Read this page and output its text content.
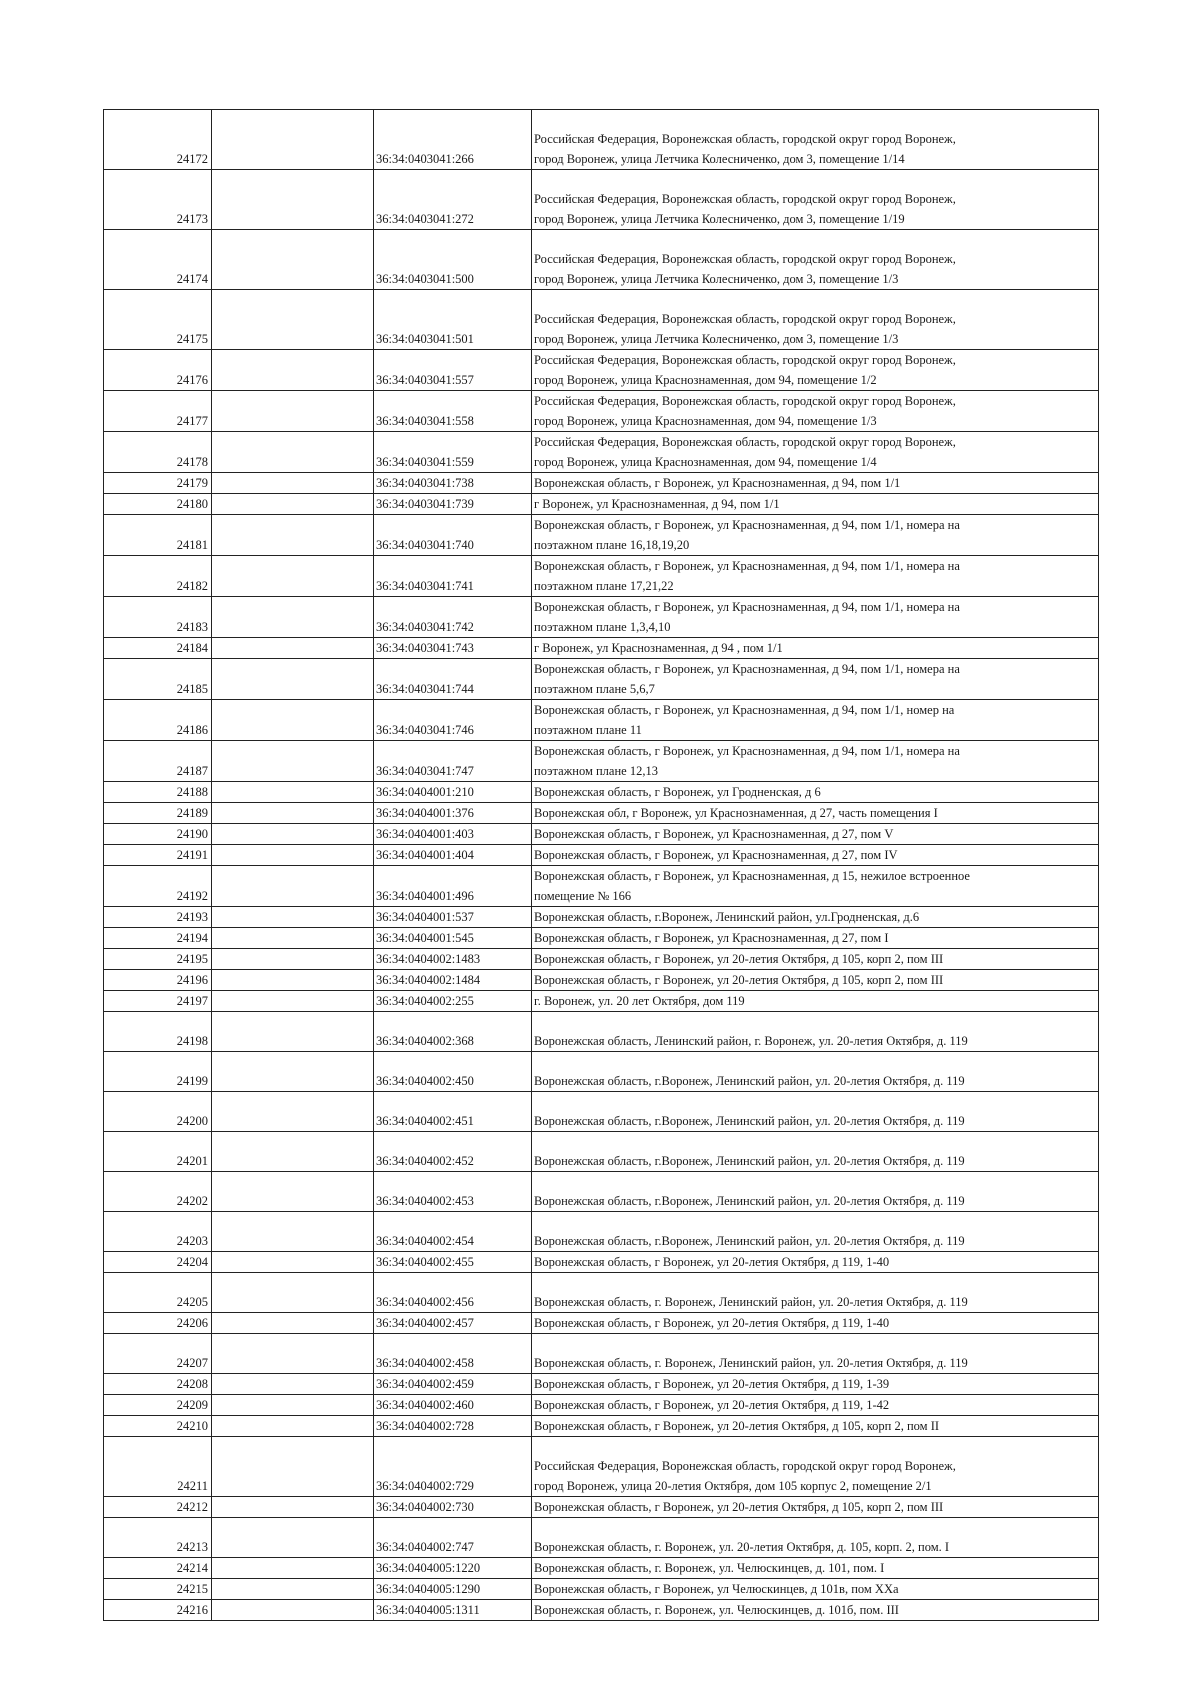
24172		36:34:0403041:266	Российская Федерация, Воронежская область, городской округ город Воронеж,
город Воронеж, улица Летчика Колесниченко, дом 3, помещение 1/14
24173		36:34:0403041:272	Российская Федерация, Воронежская область, городской округ город Воронеж,
город Воронеж, улица Летчика Колесниченко, дом 3, помещение 1/19
24174		36:34:0403041:500	Российская Федерация, Воронежская область, городской округ город Воронеж,
город Воронеж, улица Летчика Колесниченко, дом 3, помещение 1/3
24175		36:34:0403041:501	Российская Федерация, Воронежская область, городской округ город Воронеж,
город Воронеж, улица Летчика Колесниченко, дом 3, помещение 1/3
24176		36:34:0403041:557	Российская Федерация, Воронежская область, городской округ город Воронеж,
город Воронеж, улица Краснознаменная, дом 94, помещение 1/2
24177		36:34:0403041:558	Российская Федерация, Воронежская область, городской округ город Воронеж,
город Воронеж, улица Краснознаменная, дом 94, помещение 1/3
24178		36:34:0403041:559	Российская Федерация, Воронежская область, городской округ город Воронеж,
город Воронеж, улица Краснознаменная, дом 94, помещение 1/4
24179		36:34:0403041:738	Воронежская область, г Воронеж, ул Краснознаменная, д 94, пом 1/1
24180		36:34:0403041:739	г Воронеж, ул Краснознаменная, д 94, пом 1/1
24181		36:34:0403041:740	Воронежская область, г Воронеж, ул Краснознаменная, д 94, пом 1/1, номера на
поэтажном плане 16,18,19,20
24182		36:34:0403041:741	Воронежская область, г Воронеж, ул Краснознаменная, д 94, пом 1/1, номера на
поэтажном плане 17,21,22
24183		36:34:0403041:742	Воронежская область, г Воронеж, ул Краснознаменная, д 94, пом 1/1, номера на
поэтажном плане 1,3,4,10
24184		36:34:0403041:743	г Воронеж, ул Краснознаменная, д 94 , пом 1/1
24185		36:34:0403041:744	Воронежская область, г Воронеж, ул Краснознаменная, д 94, пом 1/1, номера на
поэтажном плане 5,6,7
24186		36:34:0403041:746	Воронежская область, г Воронеж, ул Краснознаменная, д 94, пом 1/1, номер на
поэтажном плане 11
24187		36:34:0403041:747	Воронежская область, г Воронеж, ул Краснознаменная, д 94, пом 1/1, номера на
поэтажном плане 12,13
24188		36:34:0404001:210	Воронежская область, г Воронеж, ул Гродненская, д 6
24189		36:34:0404001:376	Воронежская обл, г Воронеж, ул Краснознаменная, д 27, часть помещения I
24190		36:34:0404001:403	Воронежская область, г Воронеж, ул Краснознаменная, д 27, пом V
24191		36:34:0404001:404	Воронежская область, г Воронеж, ул Краснознаменная, д 27, пом IV
24192		36:34:0404001:496	Воронежская область, г Воронеж, ул Краснознаменная, д 15, нежилое встроенное
помещение № 166
24193		36:34:0404001:537	Воронежская область, г.Воронеж, Ленинский район, ул.Гродненская, д.6
24194		36:34:0404001:545	Воронежская область, г Воронеж, ул Краснознаменная, д 27, пом I
24195		36:34:0404002:1483	Воронежская область, г Воронеж, ул 20-летия Октября, д 105, корп 2, пом III
24196		36:34:0404002:1484	Воронежская область, г Воронеж, ул 20-летия Октября, д 105, корп 2, пом III
24197		36:34:0404002:255	г. Воронеж, ул. 20 лет Октября, дом 119
24198		36:34:0404002:368	Воронежская область, Ленинский район, г. Воронеж, ул. 20-летия Октября, д. 119
24199		36:34:0404002:450	Воронежская область, г.Воронеж, Ленинский район, ул. 20-летия Октября, д. 119
24200		36:34:0404002:451	Воронежская область, г.Воронеж, Ленинский район, ул. 20-летия Октября, д. 119
24201		36:34:0404002:452	Воронежская область, г.Воронеж, Ленинский район, ул. 20-летия Октября, д. 119
24202		36:34:0404002:453	Воронежская область, г.Воронеж, Ленинский район, ул. 20-летия Октября, д. 119
24203		36:34:0404002:454	Воронежская область, г.Воронеж, Ленинский район, ул. 20-летия Октября, д. 119
24204		36:34:0404002:455	Воронежская область, г Воронеж, ул 20-летия Октября, д 119, 1-40
24205		36:34:0404002:456	Воронежская область, г. Воронеж, Ленинский район, ул. 20-летия Октября, д. 119
24206		36:34:0404002:457	Воронежская область, г Воронеж, ул 20-летия Октября, д 119, 1-40
24207		36:34:0404002:458	Воронежская область, г. Воронеж, Ленинский район, ул. 20-летия Октября, д. 119
24208		36:34:0404002:459	Воронежская область, г Воронеж, ул 20-летия Октября, д 119, 1-39
24209		36:34:0404002:460	Воронежская область, г Воронеж, ул 20-летия Октября, д 119, 1-42
24210		36:34:0404002:728	Воронежская область, г Воронеж, ул 20-летия Октября, д 105, корп 2, пом II
24211		36:34:0404002:729	Российская Федерация, Воронежская область, городской округ город Воронеж,
город Воронеж, улица 20-летия Октября, дом 105 корпус 2, помещение 2/1
24212		36:34:0404002:730	Воронежская область, г Воронеж, ул 20-летия Октября, д 105, корп 2, пом III
24213		36:34:0404002:747	Воронежская область, г. Воронеж, ул. 20-летия Октября, д. 105, корп. 2, пом. I
24214		36:34:0404005:1220	Воронежская область, г. Воронеж, ул. Челюскинцев, д. 101, пом. I
24215		36:34:0404005:1290	Воронежская область, г Воронеж, ул Челюскинцев, д 101в, пом XXа
24216		36:34:0404005:1311	Воронежская область, г. Воронеж, ул. Челюскинцев, д. 101б, пом. III
